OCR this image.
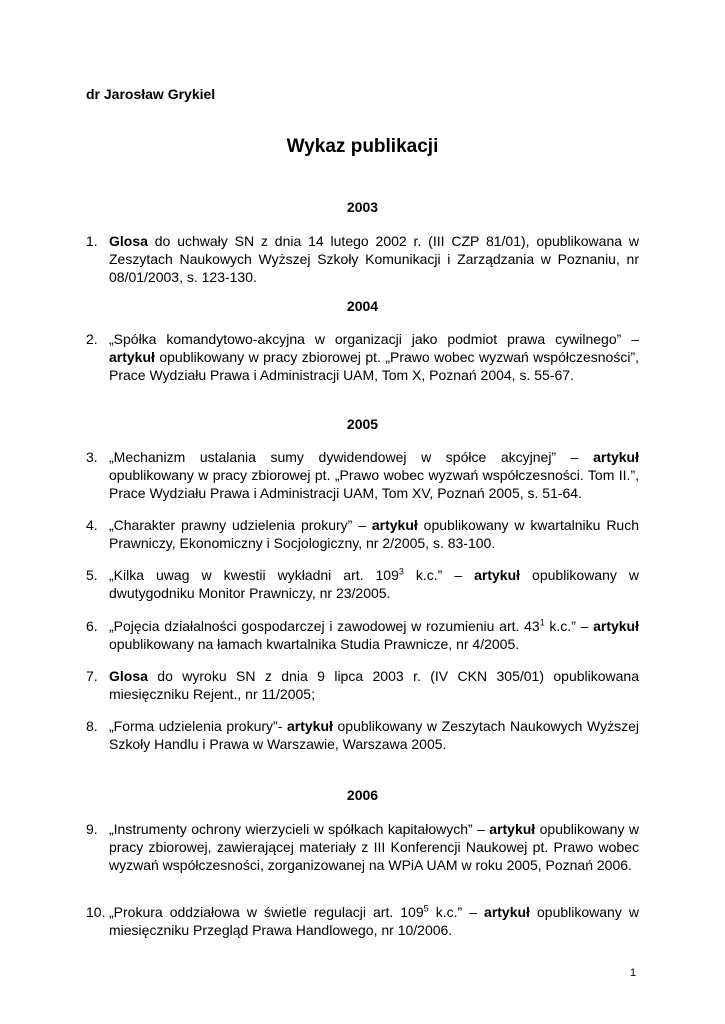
dr Jarosław Grykiel
Wykaz publikacji
2003
1. Glosa do uchwały SN z dnia 14 lutego 2002 r. (III CZP 81/01), opublikowana w Zeszytach Naukowych Wyższej Szkoły Komunikacji i Zarządzania w Poznaniu, nr 08/01/2003, s. 123-130.
2004
2. „Spółka komandytowo-akcyjna w organizacji jako podmiot prawa cywilnego” – artykuł opublikowany w pracy zbiorowej pt. „Prawo wobec wyzwań współczesności”, Prace Wydziału Prawa i Administracji UAM, Tom X, Poznań 2004, s. 55-67.
2005
3. „Mechanizm ustalania sumy dywidendowej w spółce akcyjnej” – artykuł opublikowany w pracy zbiorowej pt. „Prawo wobec wyzwań współczesności. Tom II.”, Prace Wydziału Prawa i Administracji UAM, Tom XV, Poznań 2005, s. 51-64.
4. „Charakter prawny udzielenia prokury” – artykuł opublikowany w kwartalniku Ruch Prawniczy, Ekonomiczny i Socjologiczny, nr 2/2005, s. 83-100.
5. „Kilka uwag w kwestii wykładni art. $109^3$ k.c.” – artykuł opublikowany w dwutygodniku Monitor Prawniczy, nr 23/2005.
6. „Pojęcia działalności gospodarczej i zawodowej w rozumieniu art. $43^1$ k.c.” – artykuł opublikowany na łamach kwartalnika Studia Prawnicze, nr 4/2005.
7. Glosa do wyroku SN z dnia 9 lipca 2003 r. (IV CKN 305/01) opublikowana miesięczniku Rejent., nr 11/2005;
8. „Forma udzielenia prokury”- artykuł opublikowany w Zeszytach Naukowych Wyższej Szkoły Handlu i Prawa w Warszawie, Warszawa 2005.
2006
9. „Instrumenty ochrony wierzycieli w spółkach kapitałowych” – artykuł opublikowany w pracy zbiorowej, zawierającej materiały z III Konferencji Naukowej pt. Prawo wobec wyzwań współczesności, zorganizowanej na WPiA UAM w roku 2005, Poznań 2006.
10. „Prokura oddziałowa w świetle regulacji art. $109^5$ k.c.” – artykuł opublikowany w miesięczniku Przegląd Prawa Handlowego, nr 10/2006.
1
